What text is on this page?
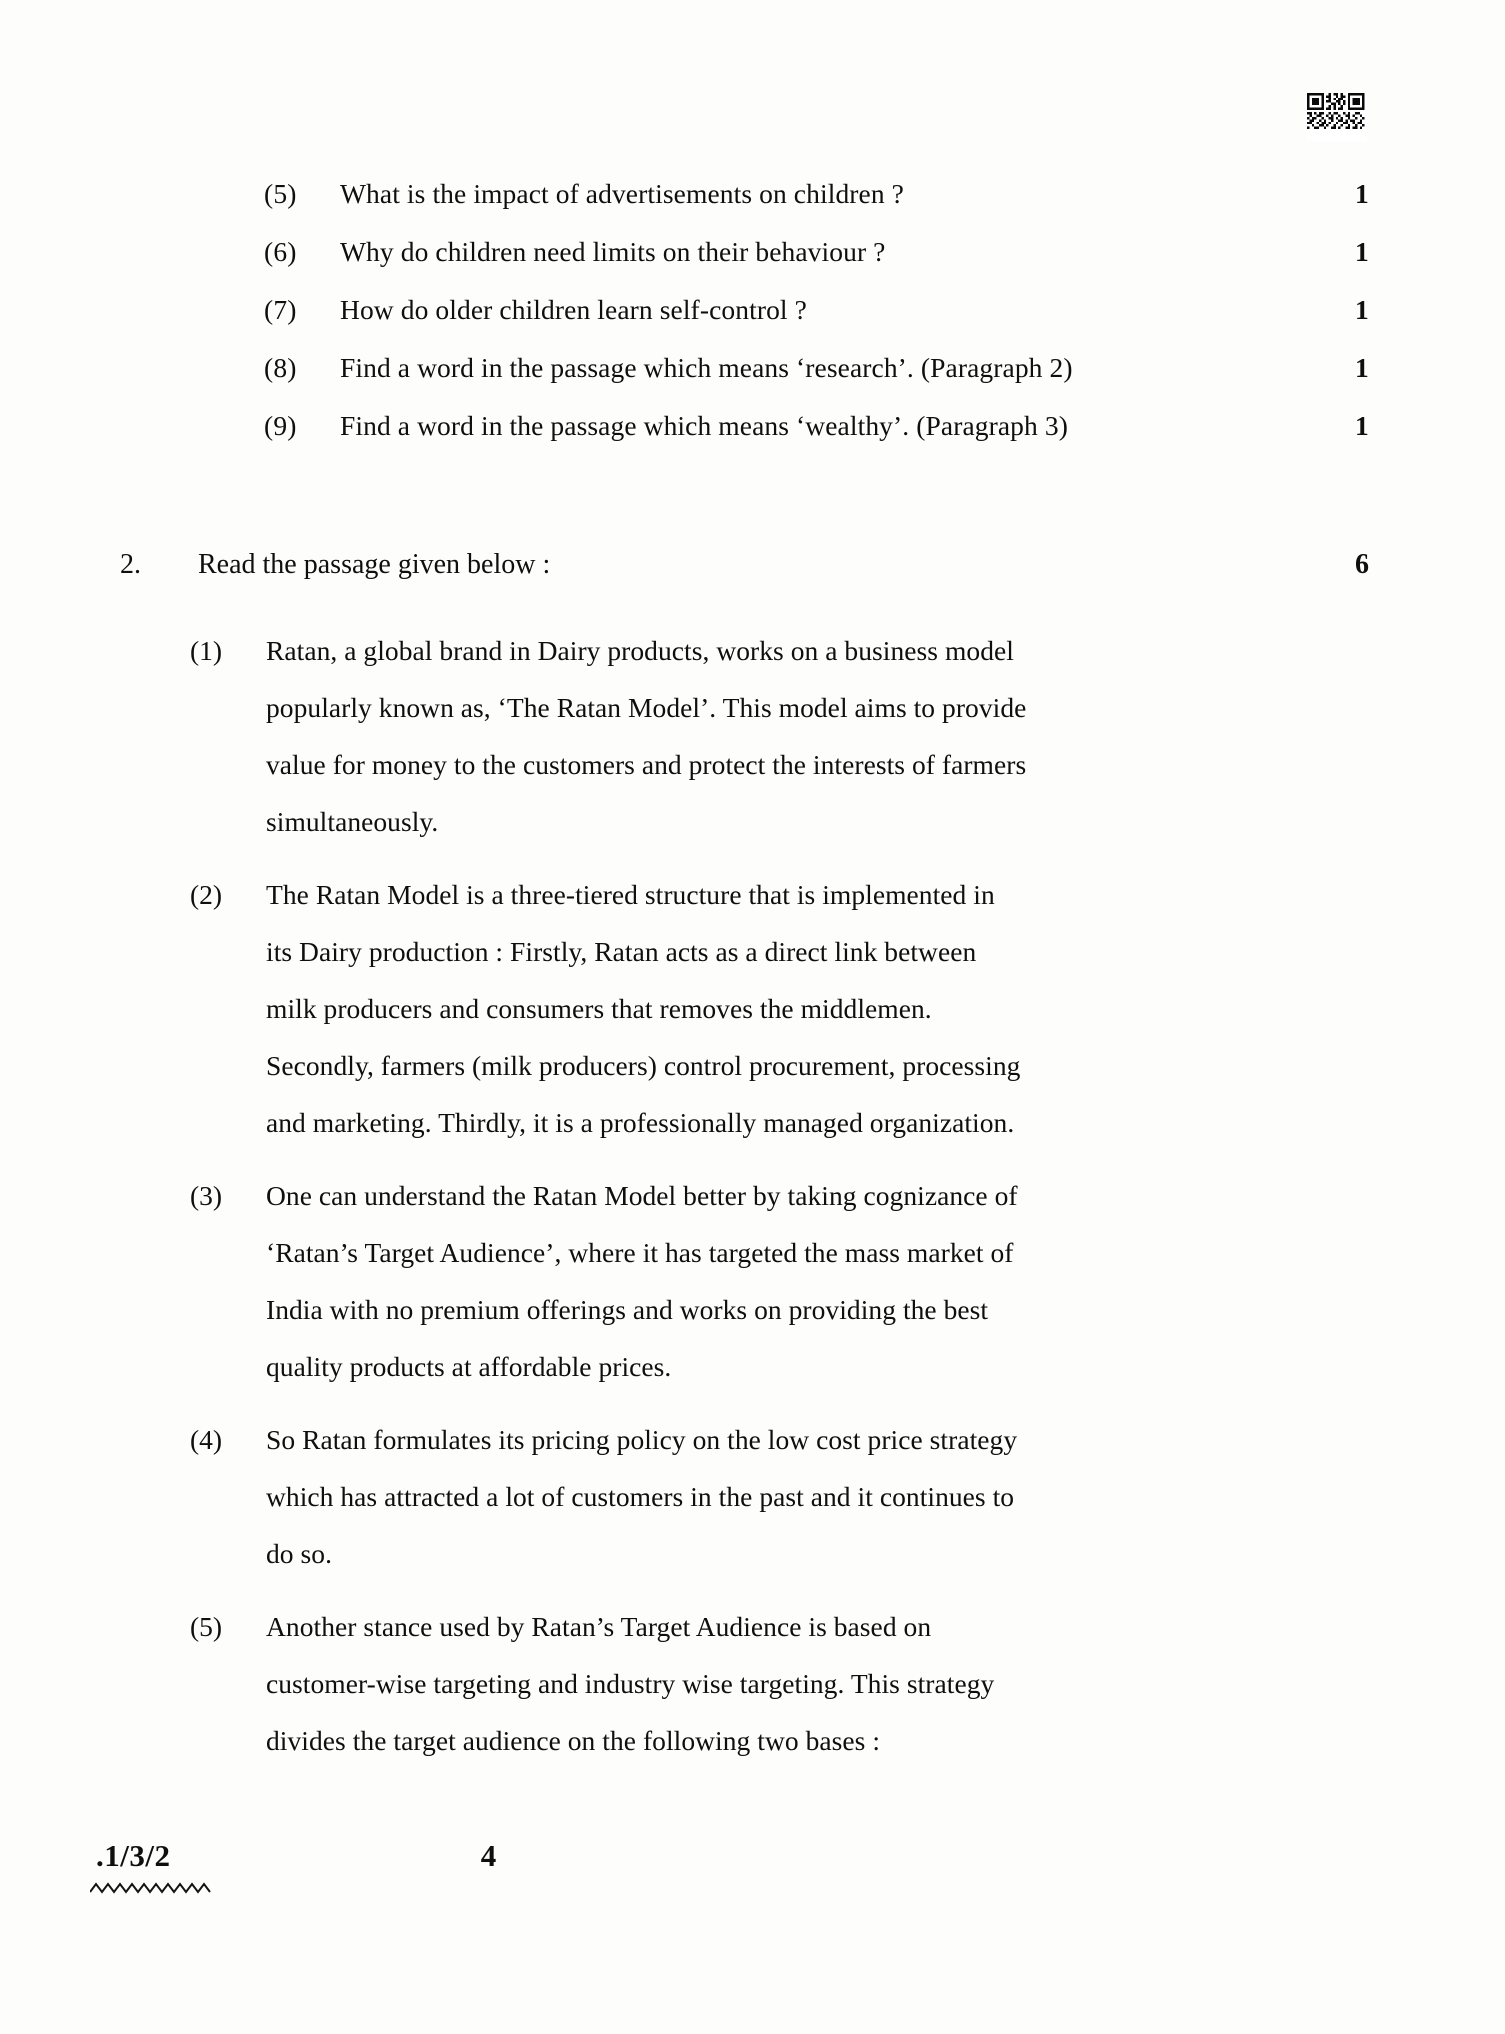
(5)	What is the impact of advertisements on children ?	1
(6)	Why do children need limits on their behaviour ?	1
(7)	How do older children learn self-control ?	1
(8)	Find a word in the passage which means ‘research’. (Paragraph 2)	1
(9)	Find a word in the passage which means ‘wealthy’. (Paragraph 3)	1
2.	Read the passage given below :	6
(1) Ratan, a global brand in Dairy products, works on a business model
popularly known as, ‘The Ratan Model’. This model aims to provide
value for money to the customers and protect the interests of farmers
simultaneously.
(2) The Ratan Model is a three-tiered structure that is implemented in
its Dairy production : Firstly, Ratan acts as a direct link between
milk producers and consumers that removes the middlemen.
Secondly, farmers (milk producers) control procurement, processing
and marketing. Thirdly, it is a professionally managed organization.
(3) One can understand the Ratan Model better by taking cognizance of
‘Ratan’s Target Audience’, where it has targeted the mass market of
India with no premium offerings and works on providing the best
quality products at affordable prices.
(4) So Ratan formulates its pricing policy on the low cost price strategy
which has attracted a lot of customers in the past and it continues to
do so.
(5) Another stance used by Ratan’s Target Audience is based on
customer-wise targeting and industry wise targeting. This strategy
divides the target audience on the following two bases :
.1/3/2	4
